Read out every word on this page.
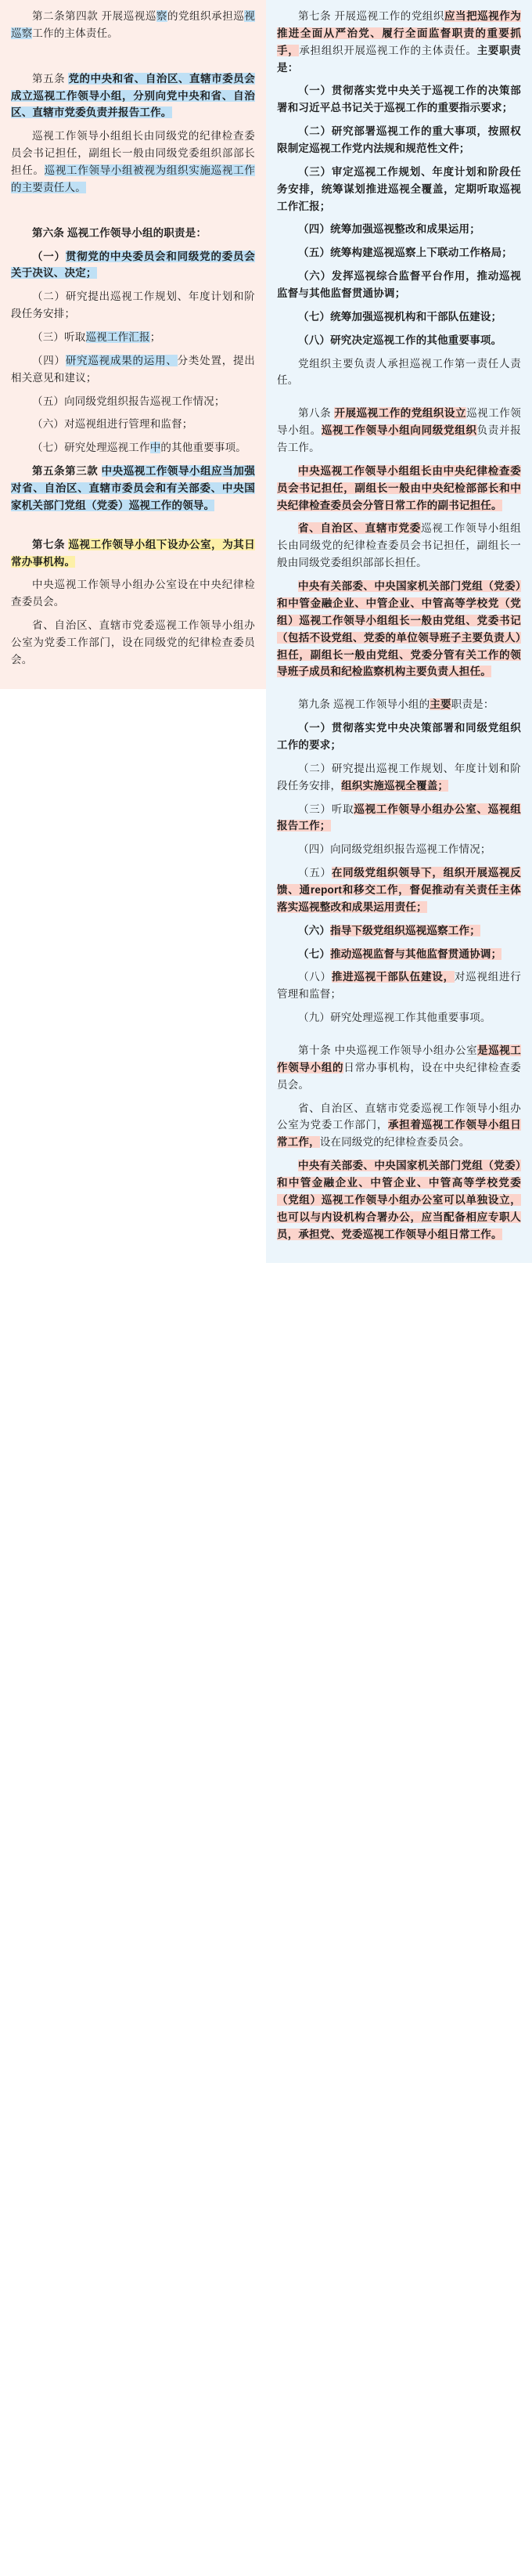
第二条第四款 开展巡视巡察的党组织承担巡视巡察工作的主体责任。

第五条 党的中央和省、自治区、直辖市委员会成立巡视工作领导小组，分别向党中央和省、自治区、直辖市党委负责并报告工作。

巡视工作领导小组组长由同级党的纪律检查委员会书记担任，副组长一般由同级党委组织部部长担任。巡视工作领导小组被视为组织实施巡视工作的主要责任人。

第六条 巡视工作领导小组的职责是：

（一）贯彻党的中央委员会和同级党的委员会关于决议、决定；

（二）研究提出巡视工作规划、年度计划和阶段任务安排；

（三）听取巡视工作汇报；

（四）研究巡视成果的运用、分类处置，提出相关意见和建议；

（五）向同级党组织报告巡视工作情况；

（六）对巡视组进行管理和监督；

（七）研究处理巡视工作中的其他重要事项。

第五条第三款 中央巡视工作领导小组应当加强对省、自治区、直辖市委员会和有关部委、中央国家机关部门党组（党委）巡视工作的领导。

第七条 巡视工作领导小组下设办公室，为其日常办事机构。

中央巡视工作领导小组办公室设在中央纪律检查委员会。

省、自治区、直辖市党委巡视工作领导小组办公室为党委工作部门，设在同级党的纪律检查委员会。

第七条 开展巡视工作的党组织应当把巡视作为推进全面从严治党、履行全面监督职责的重要抓手，承担组织开展巡视工作的主体责任。主要职责是：

（一）贯彻落实党中央关于巡视工作的决策部署和习近平总书记关于巡视工作的重要指示要求；

（二）研究部署巡视工作的重大事项，按照权限制定巡视工作党内法规和规范性文件；

（三）审定巡视工作规划、年度计划和阶段任务安排，统筹谋划推进巡视全覆盖，定期听取巡视工作汇报；

（四）统筹加强巡视整改和成果运用；

（五）统筹构建巡视巡察上下联动工作格局；

（六）发挥巡视综合监督平台作用，推动巡视监督与其他监督贯通协调；

（七）统筹加强巡视机构和干部队伍建设；

（八）研究决定巡视工作的其他重要事项。

党组织主要负责人承担巡视工作第一责任人责任。

第八条 开展巡视工作的党组织设立巡视工作领导小组。巡视工作领导小组向同级党组织负责并报告工作。

中央巡视工作领导小组组长由中央纪律检查委员会书记担任，副组长一般由中央纪检部部长和中央纪律检查委员会分管日常工作的副书记担任。

省、自治区、直辖市党委巡视工作领导小组组长由同级党的纪律检查委员会书记担任，副组长一般由同级党委组织部部长担任。

中央有关部委、中央国家机关部门党组（党委）和中管金融企业、中管企业、中管高等学校党（党组）巡视工作领导小组组长一般由党组、党委书记（包括不设党组、党委的单位领导班子主要负责人）担任，副组长一般由党组、党委分管有关工作的领导班子成员和纪检监察机构主要负责人担任。

第九条 巡视工作领导小组的主要职责是：

（一）贯彻落实党中央决策部署和同级党组织工作的要求；

（二）研究提出巡视工作规划、年度计划和阶段任务安排，组织实施巡视全覆盖；

（三）听取巡视工作领导小组办公室、巡视组报告工作；

（四）向同级党组织报告巡视工作情况；

（五）在同级党组织领导下，组织开展巡视反馈、通report和移交工作，督促推动有关责任主体落实巡视整改和成果运用责任；

（六）指导下级党组织巡视巡察工作；

（七）推动巡视监督与其他监督贯通协调；

（八）推进巡视干部队伍建设，对巡视组进行管理和监督；

（九）研究处理巡视工作其他重要事项。

第十条 中央巡视工作领导小组办公室是巡视工作领导小组的日常办事机构，设在中央纪律检查委员会。

省、自治区、直辖市党委巡视工作领导小组办公室为党委工作部门，承担着巡视工作领导小组日常工作，设在同级党的纪律检查委员会。

中央有关部委、中央国家机关部门党组（党委）和中管金融企业、中管企业、中管高等学校党委（党组）巡视工作领导小组办公室可以单独设立，也可以与内设机构合署办公，应当配备相应专职人员，承担党、党委巡视工作领导小组日常工作。
